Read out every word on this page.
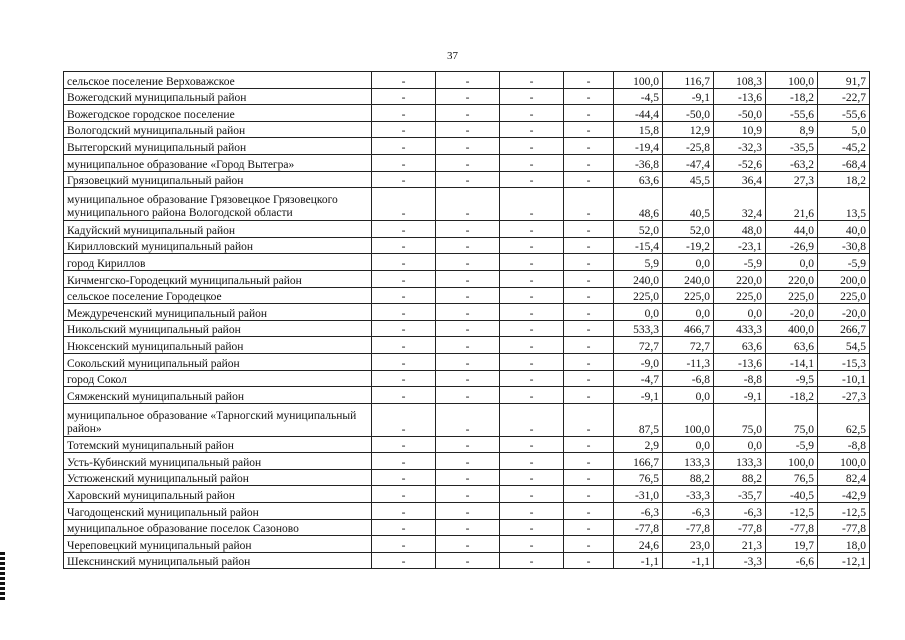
37
сельское поселение Верховажское	-	-	-	-	100,0	116,7	108,3	100,0	91,7
Вожегодский муниципальный район	-	-	-	-	-4,5	-9,1	-13,6	-18,2	-22,7
Вожегодское городское поселение	-	-	-	-	-44,4	-50,0	-50,0	-55,6	-55,6
Вологодский муниципальный район	-	-	-	-	15,8	12,9	10,9	8,9	5,0
Вытегорский муниципальный район	-	-	-	-	-19,4	-25,8	-32,3	-35,5	-45,2
муниципальное образование «Город Вытегра»	-	-	-	-	-36,8	-47,4	-52,6	-63,2	-68,4
Грязовецкий муниципальный район	-	-	-	-	63,6	45,5	36,4	27,3	18,2
муниципальное образование Грязовецкое Грязовецкого муниципального района Вологодской области	-	-	-	-	48,6	40,5	32,4	21,6	13,5
Кадуйский муниципальный район	-	-	-	-	52,0	52,0	48,0	44,0	40,0
Кирилловский муниципальный район	-	-	-	-	-15,4	-19,2	-23,1	-26,9	-30,8
город Кириллов	-	-	-	-	5,9	0,0	-5,9	0,0	-5,9
Кичменгско-Городецкий муниципальный район	-	-	-	-	240,0	240,0	220,0	220,0	200,0
сельское поселение Городецкое	-	-	-	-	225,0	225,0	225,0	225,0	225,0
Междуреченский муниципальный район	-	-	-	-	0,0	0,0	0,0	-20,0	-20,0
Никольский муниципальный район	-	-	-	-	533,3	466,7	433,3	400,0	266,7
Нюксенский муниципальный район	-	-	-	-	72,7	72,7	63,6	63,6	54,5
Сокольский муниципальный район	-	-	-	-	-9,0	-11,3	-13,6	-14,1	-15,3
город Сокол	-	-	-	-	-4,7	-6,8	-8,8	-9,5	-10,1
Сямженский муниципальный район	-	-	-	-	-9,1	0,0	-9,1	-18,2	-27,3
муниципальное образование «Тарногский муниципальный район»	-	-	-	-	87,5	100,0	75,0	75,0	62,5
Тотемский муниципальный район	-	-	-	-	2,9	0,0	0,0	-5,9	-8,8
Усть-Кубинский муниципальный район	-	-	-	-	166,7	133,3	133,3	100,0	100,0
Устюженский муниципальный район	-	-	-	-	76,5	88,2	88,2	76,5	82,4
Харовский муниципальный район	-	-	-	-	-31,0	-33,3	-35,7	-40,5	-42,9
Чагодощенский муниципальный район	-	-	-	-	-6,3	-6,3	-6,3	-12,5	-12,5
муниципальное образование поселок Сазоново	-	-	-	-	-77,8	-77,8	-77,8	-77,8	-77,8
Череповецкий муниципальный район	-	-	-	-	24,6	23,0	21,3	19,7	18,0
Шекснинский муниципальный район	-	-	-	-	-1,1	-1,1	-3,3	-6,6	-12,1
